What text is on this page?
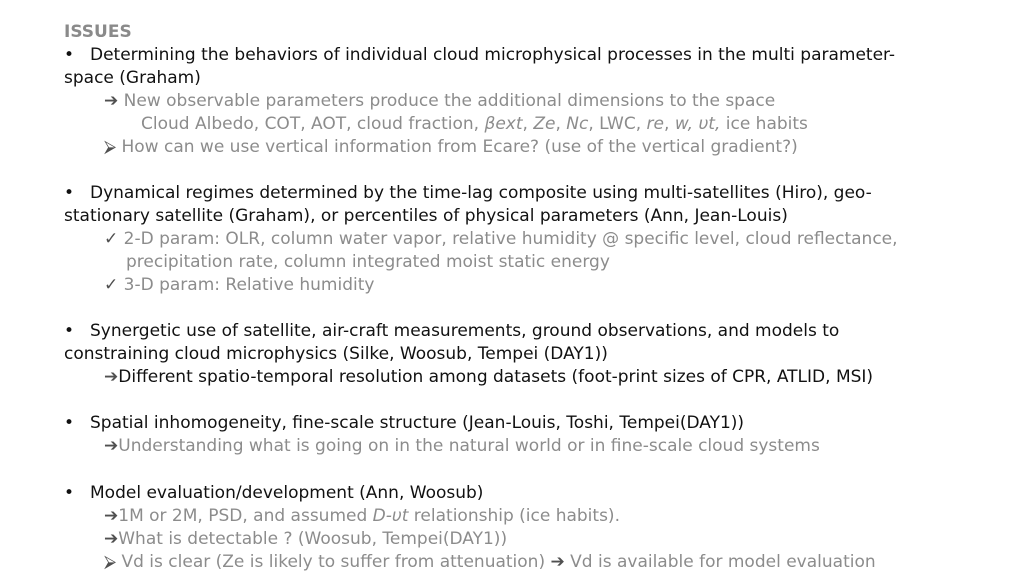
ISSUES
• Determining the behaviors of individual cloud microphysical processes in the multi parameter-
space (Graham)
➔ New observable parameters produce the additional dimensions to the space
Cloud Albedo, COT, AOT, cloud fraction, βext, Ze, Nc, LWC, re, w, υt, ice habits
⮚ How can we use vertical information from Ecare? (use of the vertical gradient?)
• Dynamical regimes determined by the time-lag composite using multi-satellites (Hiro), geo-
stationary satellite (Graham), or percentiles of physical parameters (Ann, Jean-Louis)
✓ 2-D param: OLR, column water vapor, relative humidity @ specific level, cloud reflectance,
precipitation rate, column integrated moist static energy
✓ 3-D param: Relative humidity
• Synergetic use of satellite, air-craft measurements, ground observations, and models to
constraining cloud microphysics (Silke, Woosub, Tempei (DAY1))
➔Different spatio-temporal resolution among datasets (foot-print sizes of CPR, ATLID, MSI)
• Spatial inhomogeneity, fine-scale structure (Jean-Louis, Toshi, Tempei(DAY1))
➔Understanding what is going on in the natural world or in fine-scale cloud systems
• Model evaluation/development (Ann, Woosub)
➔1M or 2M, PSD, and assumed D-υt relationship (ice habits).
➔What is detectable ? (Woosub, Tempei(DAY1))
⮚ Vd is clear (Ze is likely to suffer from attenuation) ➔ Vd is available for model evaluation
